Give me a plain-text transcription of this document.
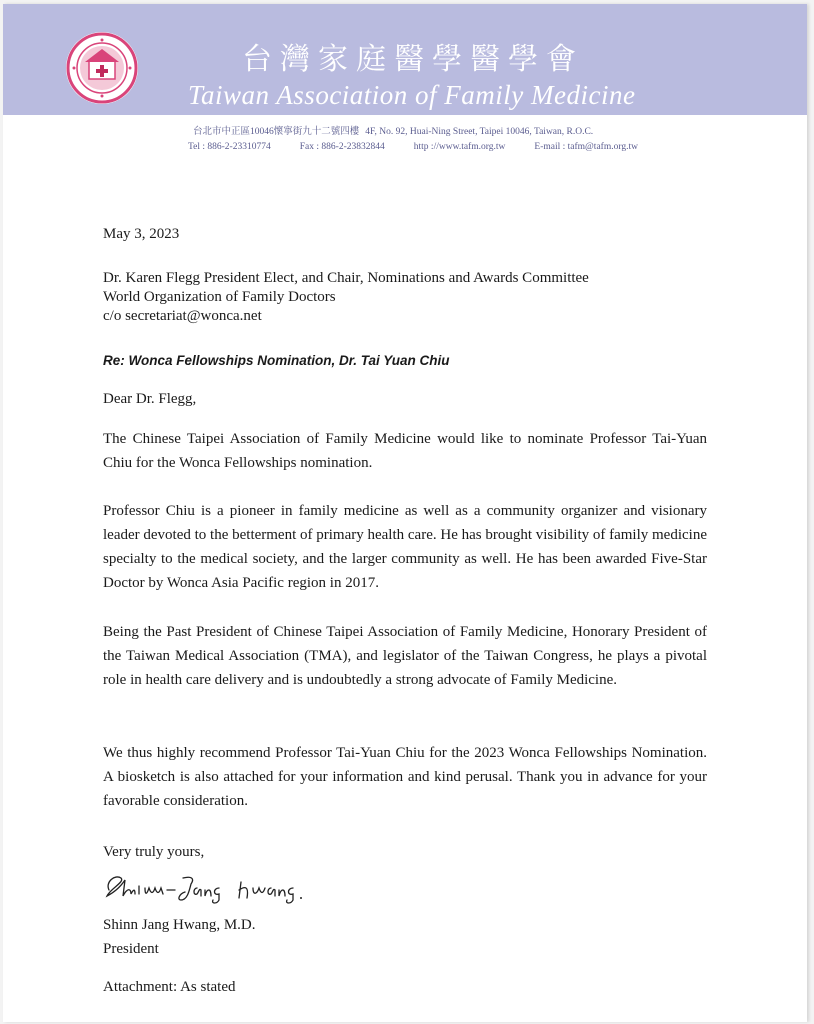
台灣家庭醫學醫學會
Taiwan Association of Family Medicine
台北市中正區10046懷寧街九十二號四樓 4F, No. 92, Huai-Ning Street, Taipei 10046, Taiwan, R.O.C.
Tel : 886-2-23310774	Fax : 886-2-23832844	http ://www.tafm.org.tw	E-mail : tafm@tafm.org.tw
May 3, 2023
Dr. Karen Flegg President Elect, and Chair, Nominations and Awards Committee
World Organization of Family Doctors
c/o secretariat@wonca.net
Re: Wonca Fellowships Nomination, Dr. Tai Yuan Chiu
Dear Dr. Flegg,
The Chinese Taipei Association of Family Medicine would like to nominate Professor Tai-Yuan Chiu for the Wonca Fellowships nomination.
Professor Chiu is a pioneer in family medicine as well as a community organizer and visionary leader devoted to the betterment of primary health care. He has brought visibility of family medicine specialty to the medical society, and the larger community as well. He has been awarded Five-Star Doctor by Wonca Asia Pacific region in 2017.
Being the Past President of Chinese Taipei Association of Family Medicine, Honorary President of the Taiwan Medical Association (TMA), and legislator of the Taiwan Congress, he plays a pivotal role in health care delivery and is undoubtedly a strong advocate of Family Medicine.
We thus highly recommend Professor Tai-Yuan Chiu for the 2023 Wonca Fellowships Nomination. A biosketch is also attached for your information and kind perusal. Thank you in advance for your favorable consideration.
Very truly yours,
Shinn Jang Hwang, M.D.
President
Attachment: As stated
